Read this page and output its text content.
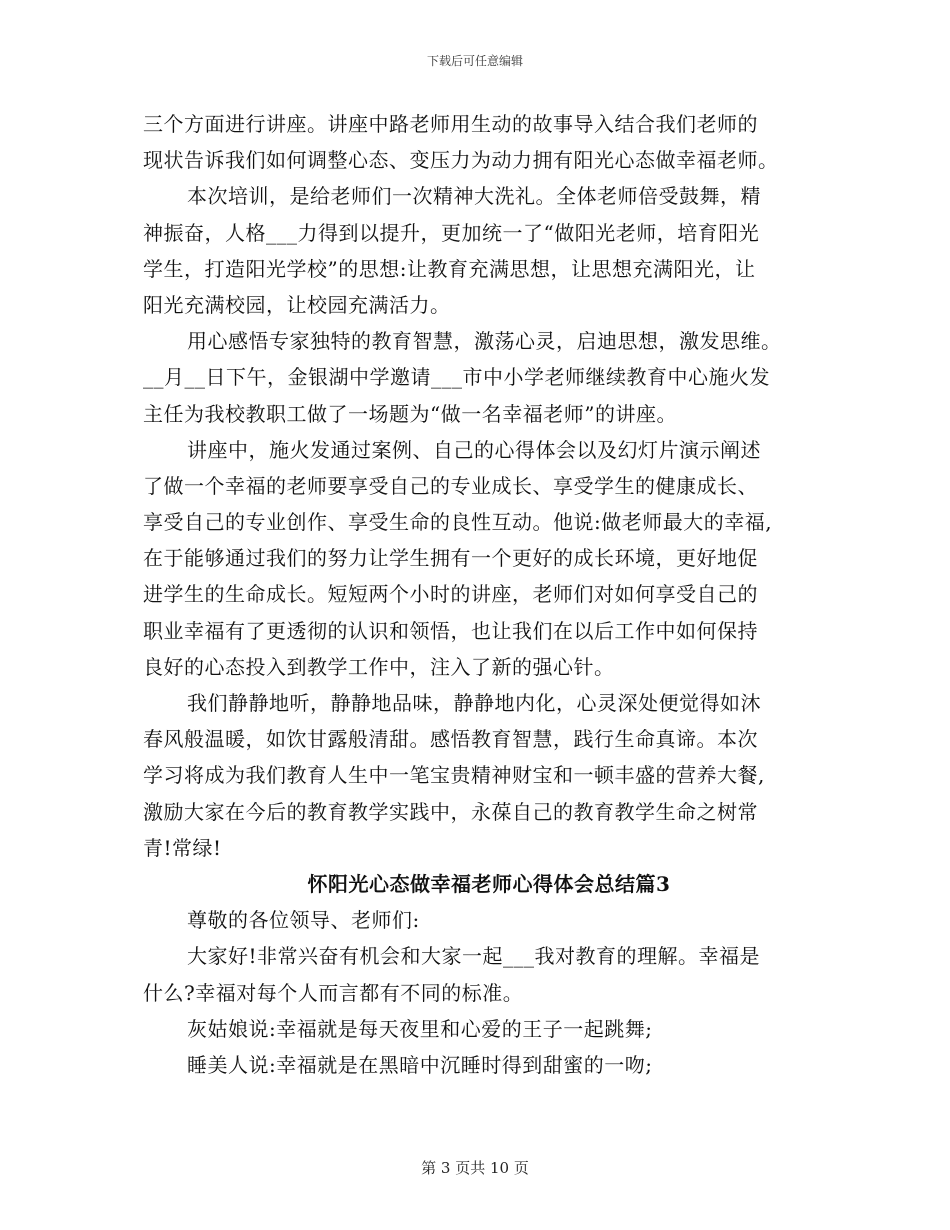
下载后可任意编辑
三个方面进行讲座。讲座中路老师用生动的故事导入结合我们老师的
现状告诉我们如何调整心态、变压力为动力拥有阳光心态做幸福老师。
本次培训，是给老师们一次精神大洗礼。全体老师倍受鼓舞，精
神振奋，人格___力得到以提升，更加统一了“做阳光老师，培育阳光
学生，打造阳光学校”的思想:让教育充满思想，让思想充满阳光，让
阳光充满校园，让校园充满活力。
用心感悟专家独特的教育智慧，激荡心灵，启迪思想，激发思维。
__月__日下午，金银湖中学邀请___市中小学老师继续教育中心施火发
主任为我校教职工做了一场题为“做一名幸福老师”的讲座。
讲座中，施火发通过案例、自己的心得体会以及幻灯片演示阐述
了做一个幸福的老师要享受自己的专业成长、享受学生的健康成长、
享受自己的专业创作、享受生命的良性互动。他说:做老师最大的幸福,
在于能够通过我们的努力让学生拥有一个更好的成长环境，更好地促
进学生的生命成长。短短两个小时的讲座，老师们对如何享受自己的
职业幸福有了更透彻的认识和领悟，也让我们在以后工作中如何保持
良好的心态投入到教学工作中，注入了新的强心针。
我们静静地听，静静地品味，静静地内化，心灵深处便觉得如沐
春风般温暖，如饮甘露般清甜。感悟教育智慧，践行生命真谛。本次
学习将成为我们教育人生中一笔宝贵精神财宝和一顿丰盛的营养大餐,
激励大家在今后的教育教学实践中，永葆自己的教育教学生命之树常
青!常绿!
怀阳光心态做幸福老师心得体会总结篇3
尊敬的各位领导、老师们:
大家好!非常兴奋有机会和大家一起___我对教育的理解。幸福是
什么?幸福对每个人而言都有不同的标准。
灰姑娘说:幸福就是每天夜里和心爱的王子一起跳舞;
睡美人说:幸福就是在黑暗中沉睡时得到甜蜜的一吻;
第 3 页共 10 页
